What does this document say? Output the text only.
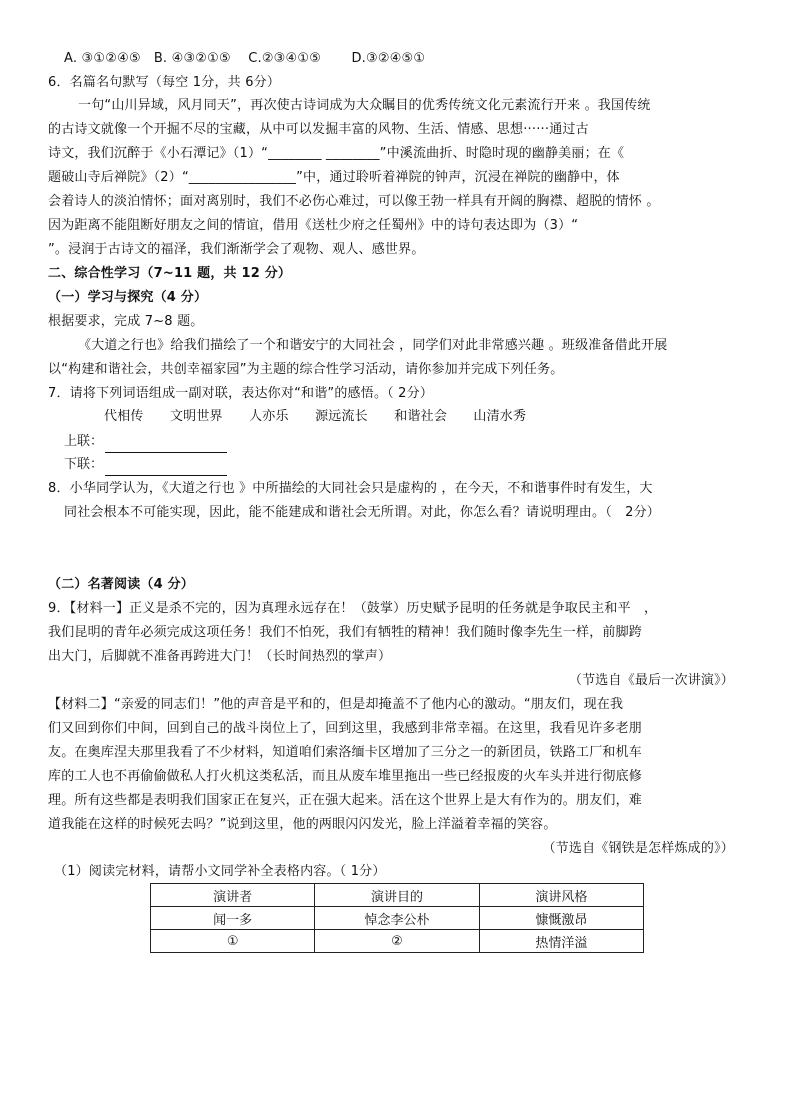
A. ③①②④⑤ B. ④③②①⑤ C.②③④①⑤ D.③②④⑤①
6．名篇名句默写（每空 1分，共 6分）
一句“山川异域，风月同天”，再次使古诗词成为大众瞩目的优秀传统文化元素流行开来 。我国传统
的古诗文就像一个开掘不尽的宝藏，从中可以发掘丰富的风物、生活、情感、思想······通过古
诗文，我们沉醉于《小石潭记》（1）“________ ________”中溪流曲折、时隐时现的幽静美丽；在《
题破山寺后禅院》（2）“________________”中，通过聆听着禅院的钟声，沉浸在禅院的幽静中，体
会着诗人的淡泊情怀；面对离别时，我们不必伤心难过，可以像王勃一样具有开阔的胸襟、超脱的情怀 。
因为距离不能阻断好朋友之间的情谊，借用《送杜少府之任蜀州》中的诗句表达即为（3）“
”。浸润于古诗文的福泽，我们渐渐学会了观物、观人、感世界。
二、综合性学习（7~11 题，共 12 分）
（一）学习与探究（4 分）
根据要求，完成 7~8 题。
《大道之行也》给我们描绘了一个和谐安宁的大同社会 ，同学们对此非常感兴趣 。班级准备借此开展
以“构建和谐社会，共创幸福家园”为主题的综合性学习活动，请你参加并完成下列任务。
7．请将下列词语组成一副对联，表达你对“和谐”的感悟。（ 2分）
代相传 文明世界 人亦乐 源远流长 和谐社会 山清水秀
上联：
下联：
8．小华同学认为，《大道之行也 》中所描绘的大同社会只是虚构的 ，在今天，不和谐事件时有发生，大
同社会根本不可能实现，因此，能不能建成和谐社会无所谓。对此，你怎么看？请说明理由。（　2分）
（二）名著阅读（4 分）
9．【材料一】正义是杀不完的，因为真理永远存在！（鼓掌）历史赋予昆明的任务就是争取民主和平　，
我们昆明的青年必须完成这项任务！我们不怕死，我们有牺牲的精神！我们随时像李先生一样，前脚跨
出大门，后脚就不准备再跨进大门！（长时间热烈的掌声）
（节选自《最后一次讲演》）
【材料二】“亲爱的同志们！”他的声音是平和的，但是却掩盖不了他内心的激动。“朋友们，现在我
们又回到你们中间，回到自己的战斗岗位上了，回到这里，我感到非常幸福。在这里，我看见许多老朋
友。在奥库涅夫那里我看了不少材料，知道咱们索洛缅卡区增加了三分之一的新团员，铁路工厂和机车
库的工人也不再偷偷做私人打火机这类私活，而且从废车堆里拖出一些已经报废的火车头并进行彻底修
理。所有这些都是表明我们国家正在复兴，正在强大起来。活在这个世界上是大有作为的。朋友们，难
道我能在这样的时候死去吗？”说到这里，他的两眼闪闪发光，脸上洋溢着幸福的笑容。
（节选自《钢铁是怎样炼成的》）
（1）阅读完材料，请帮小文同学补全表格内容。（ 1分）
演讲者	演讲目的	演讲风格
闻一多	悼念李公朴	慷慨激昂
①	②	热情洋溢
